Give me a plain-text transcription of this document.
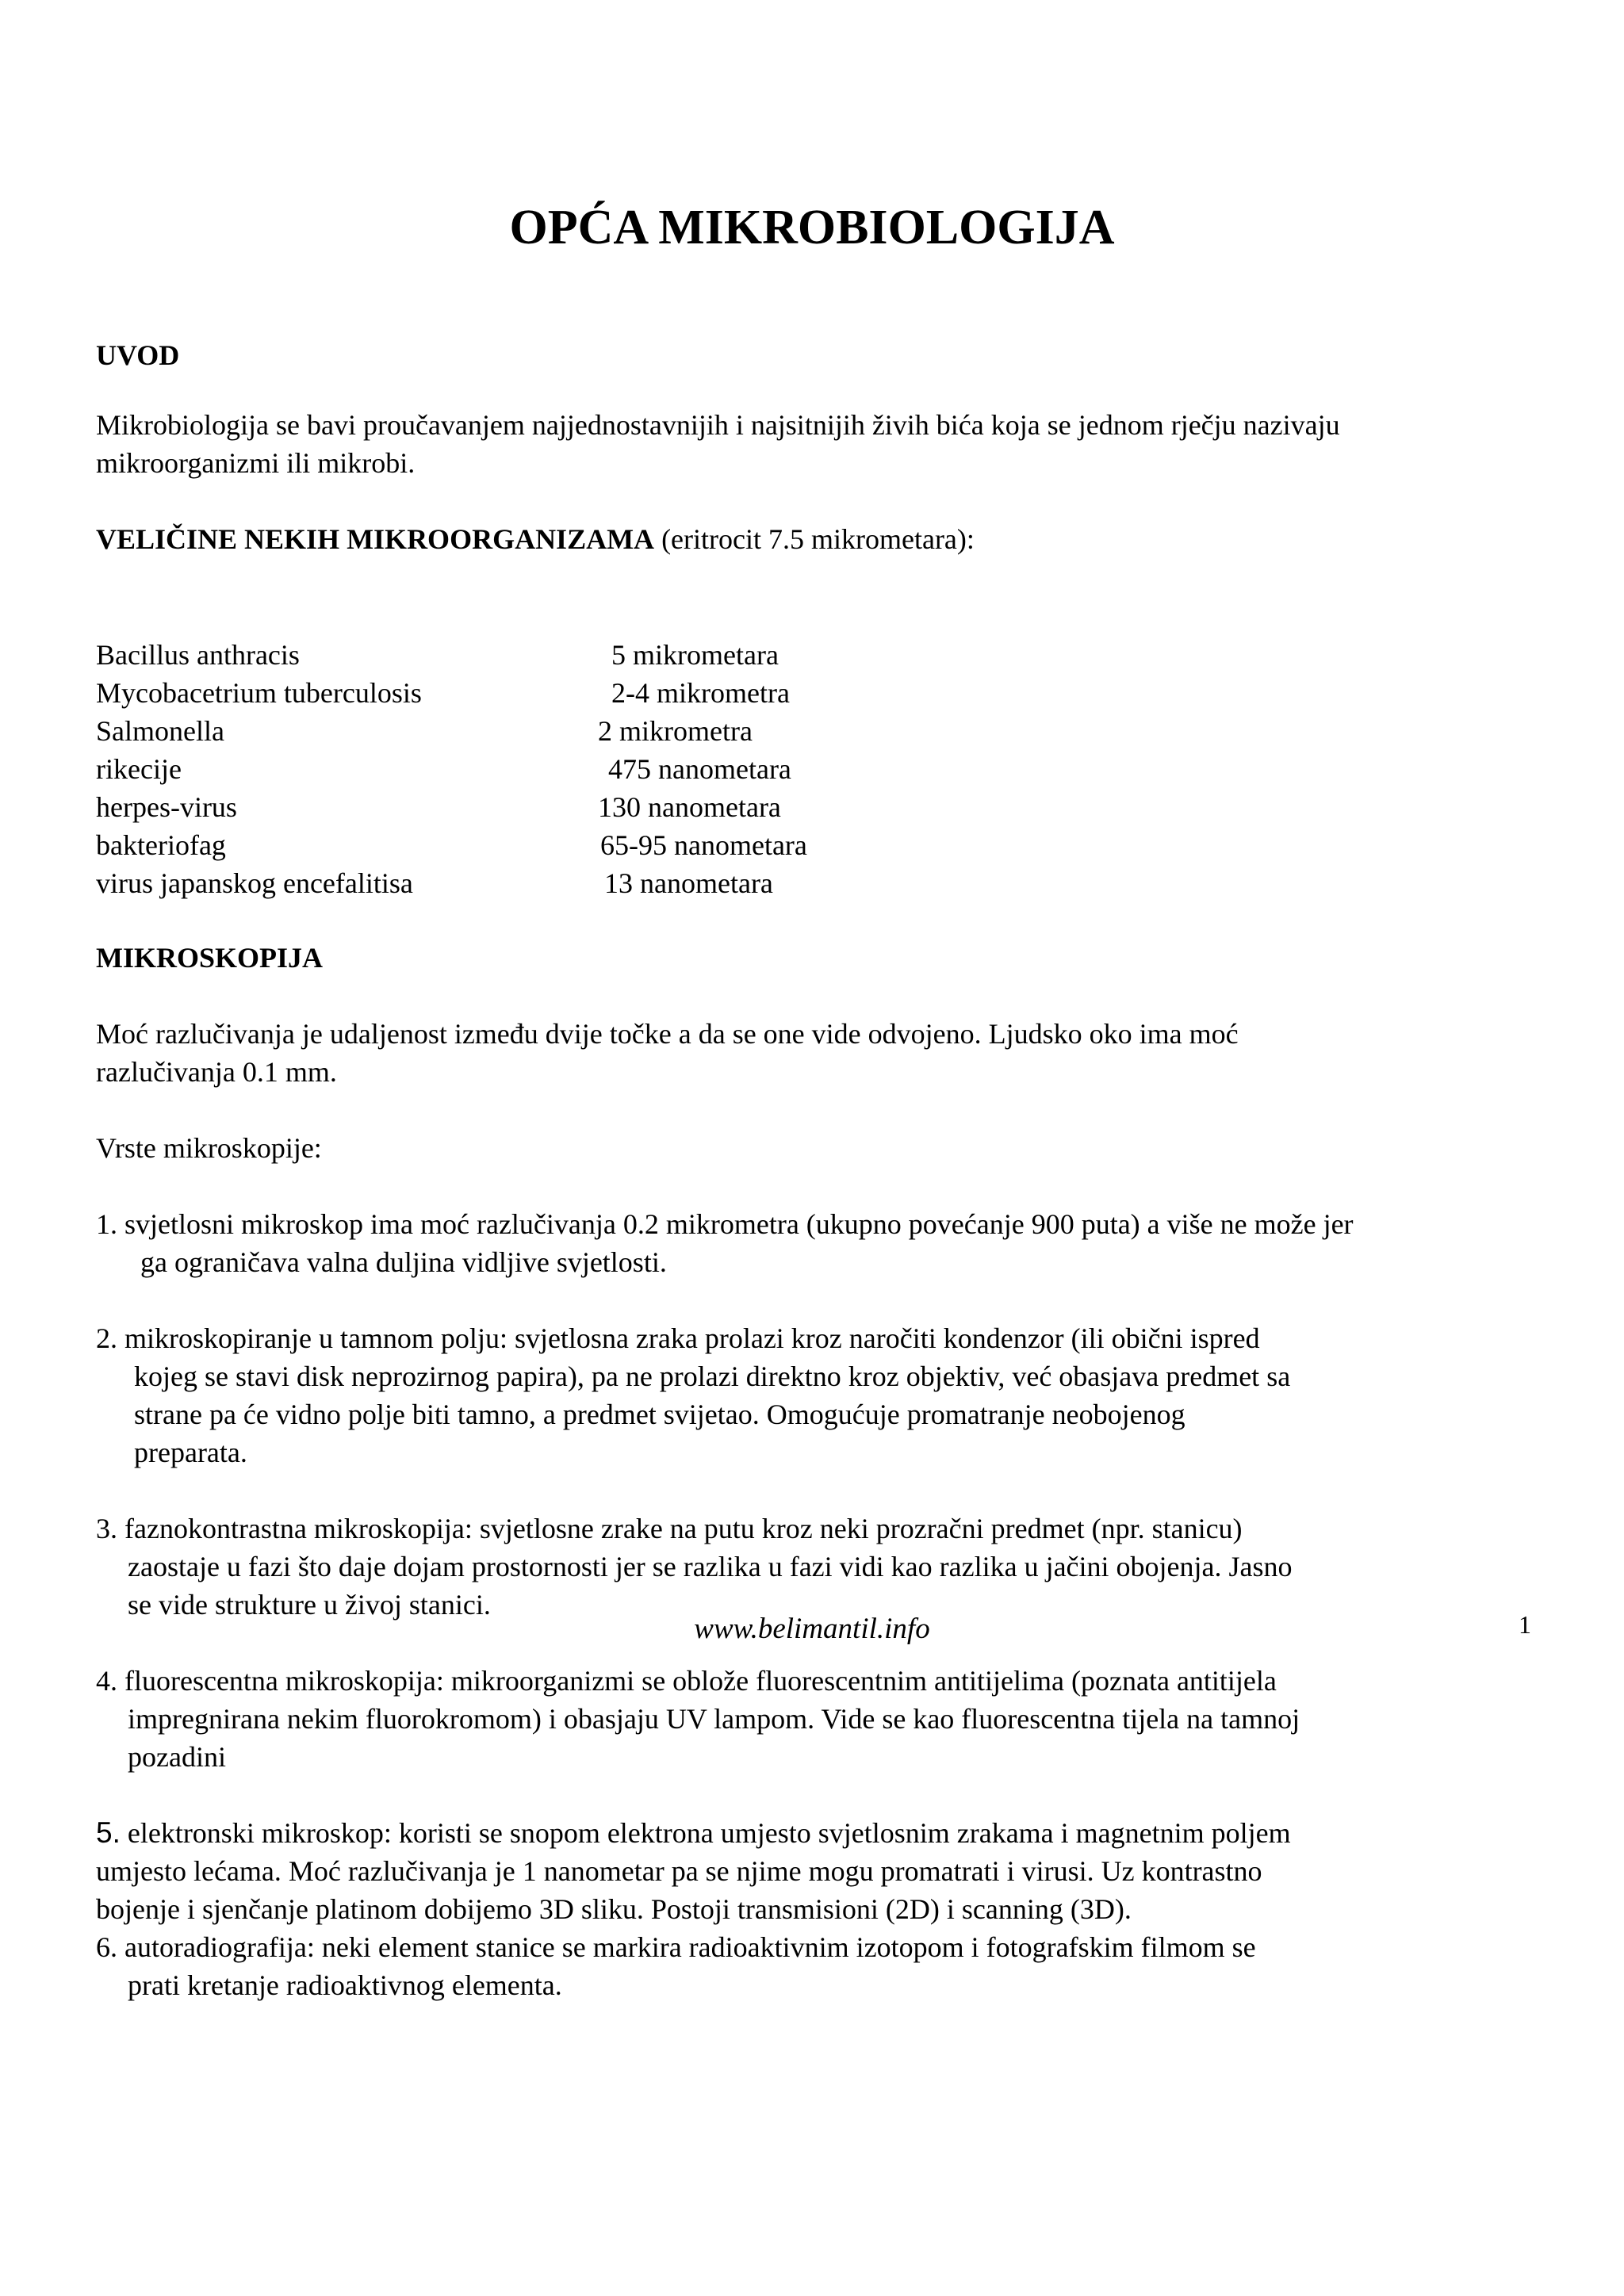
OPĆA MIKROBIOLOGIJA
UVOD
Mikrobiologija se bavi proučavanjem najjednostavnijih i najsitnijih živih bića koja se jednom rječju nazivaju
mikroorganizmi ili mikrobi.
VELIČINE NEKIH MIKROORGANIZAMA (eritrocit 7.5 mikrometara):
Bacillus anthracis	5 mikrometara
Mycobacetrium tuberculosis	2-4 mikrometra
Salmonella	2 mikrometra
rikecije	475 nanometara
herpes-virus	130 nanometara
bakteriofag	65-95 nanometara
virus japanskog encefalitisa	13 nanometara
MIKROSKOPIJA
Moć razlučivanja je udaljenost između dvije točke a da se one vide odvojeno. Ljudsko oko ima moć
razlučivanja 0.1 mm.
Vrste mikroskopije:
1. svjetlosni mikroskop ima moć razlučivanja 0.2 mikrometra (ukupno povećanje 900 puta) a više ne može jer
ga ograničava valna duljina vidljive svjetlosti.
2. mikroskopiranje u tamnom polju: svjetlosna zraka prolazi kroz naročiti kondenzor (ili obični ispred
kojeg se stavi disk neprozirnog papira), pa ne prolazi direktno kroz objektiv, već obasjava predmet sa
strane pa će vidno polje biti tamno, a predmet svijetao. Omogućuje promatranje neobojenog
preparata.
3. faznokontrastna mikroskopija: svjetlosne zrake na putu kroz neki prozračni predmet (npr. stanicu)
zaostaje u fazi što daje dojam prostornosti jer se razlika u fazi vidi kao razlika u jačini obojenja. Jasno
se vide strukture u živoj stanici.
4. fluorescentna mikroskopija: mikroorganizmi se oblože fluorescentnim antitijelima (poznata antitijela
impregnirana nekim fluorokromom) i obasjaju UV lampom. Vide se kao fluorescentna tijela na tamnoj
pozadini
5. elektronski mikroskop: koristi se snopom elektrona umjesto svjetlosnim zrakama i magnetnim poljem
umjesto lećama. Moć razlučivanja je 1 nanometar pa se njime mogu promatrati i virusi. Uz kontrastno
bojenje i sjenčanje platinom dobijemo 3D sliku. Postoji transmisioni (2D) i scanning (3D).
6. autoradiografija: neki element stanice se markira radioaktivnim izotopom i fotografskim filmom se
prati kretanje radioaktivnog elementa.
www.belimantil.info	1
